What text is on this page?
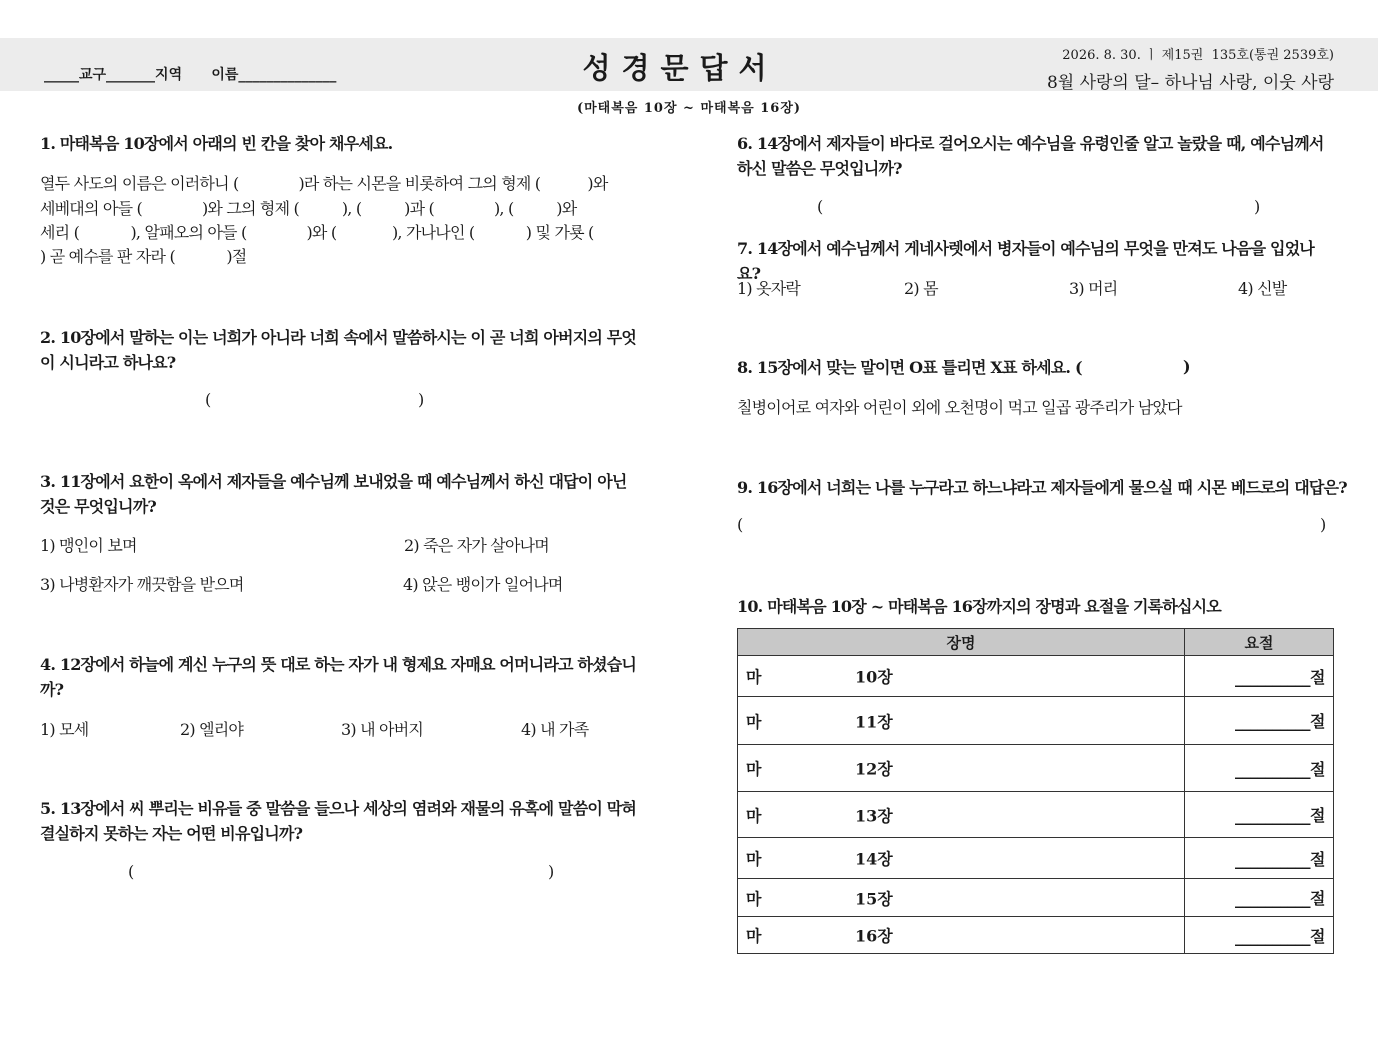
_____교구_______지역      이름______________	성경문답서	2026. 8. 30. ㅣ 제15권  135호(통권 2539호)
8월 사랑의 달– 하나님 사랑, 이웃 사랑
(마태복음 10장 ~ 마태복음 16장)
1. 마태복음 10장에서 아래의 빈 칸을 찾아 채우세요.
열두 사도의 이름은 이러하니 (              )라 하는 시몬을 비롯하여 그의 형제 (           )와
세베대의 아들 (              )와 그의 형제 (          ), (          )과 (              ), (          )와
세리 (            ), 알패오의 아들 (              )와 (             ), 가나나인 (            ) 및 가룟 (
) 곧 예수를 판 자라 (            )절
2. 10장에서 말하는 이는 너희가 아니라 너희 속에서 말씀하시는 이 곧 너희 아버지의 무엇이 시니라고 하나요?
(	)
3. 11장에서 요한이 옥에서 제자들을 예수님께 보내었을 때 예수님께서 하신 대답이 아닌 것은 무엇입니까?
1) 맹인이 보며	2) 죽은 자가 살아나며
3) 나병환자가 깨끗함을 받으며	4) 앉은 뱅이가 일어나며
4. 12장에서 하늘에 계신 누구의 뜻 대로 하는 자가 내 형제요 자매요 어머니라고 하셨습니까?
1) 모세	2) 엘리야	3) 내 아버지	4) 내 가족
5. 13장에서 씨 뿌리는 비유들 중 말씀을 들으나 세상의 염려와 재물의 유혹에 말씀이 막혀 결실하지 못하는 자는 어떤 비유입니까?
(	)
6. 14장에서 제자들이 바다로 걸어오시는 예수님을 유령인줄 알고 놀랐을 때, 예수님께서 하신 말씀은 무엇입니까?
(	)
7. 14장에서 예수님께서 게네사렛에서 병자들이 예수님의 무엇을 만져도 나음을 입었나요?
1) 옷자락	2) 몸	3) 머리	4) 신발
8. 15장에서 맞는 말이면 O표 틀리면 X표 하세요. (	)
칠병이어로 여자와 어린이 외에 오천명이 먹고 일곱 광주리가 남았다
9. 16장에서 너희는 나를 누구라고 하느냐라고 제자들에게 물으실 때 시몬 베드로의 대답은?
(	)
10. 마태복음 10장 ~ 마태복음 16장까지의 장명과 요절을 기록하십시오
장명	요절

마 10장	__________절

마 11장	__________절

마 12장	__________절

마 13장	__________절

마 14장	__________절

마 15장	__________절

마 16장	__________절
